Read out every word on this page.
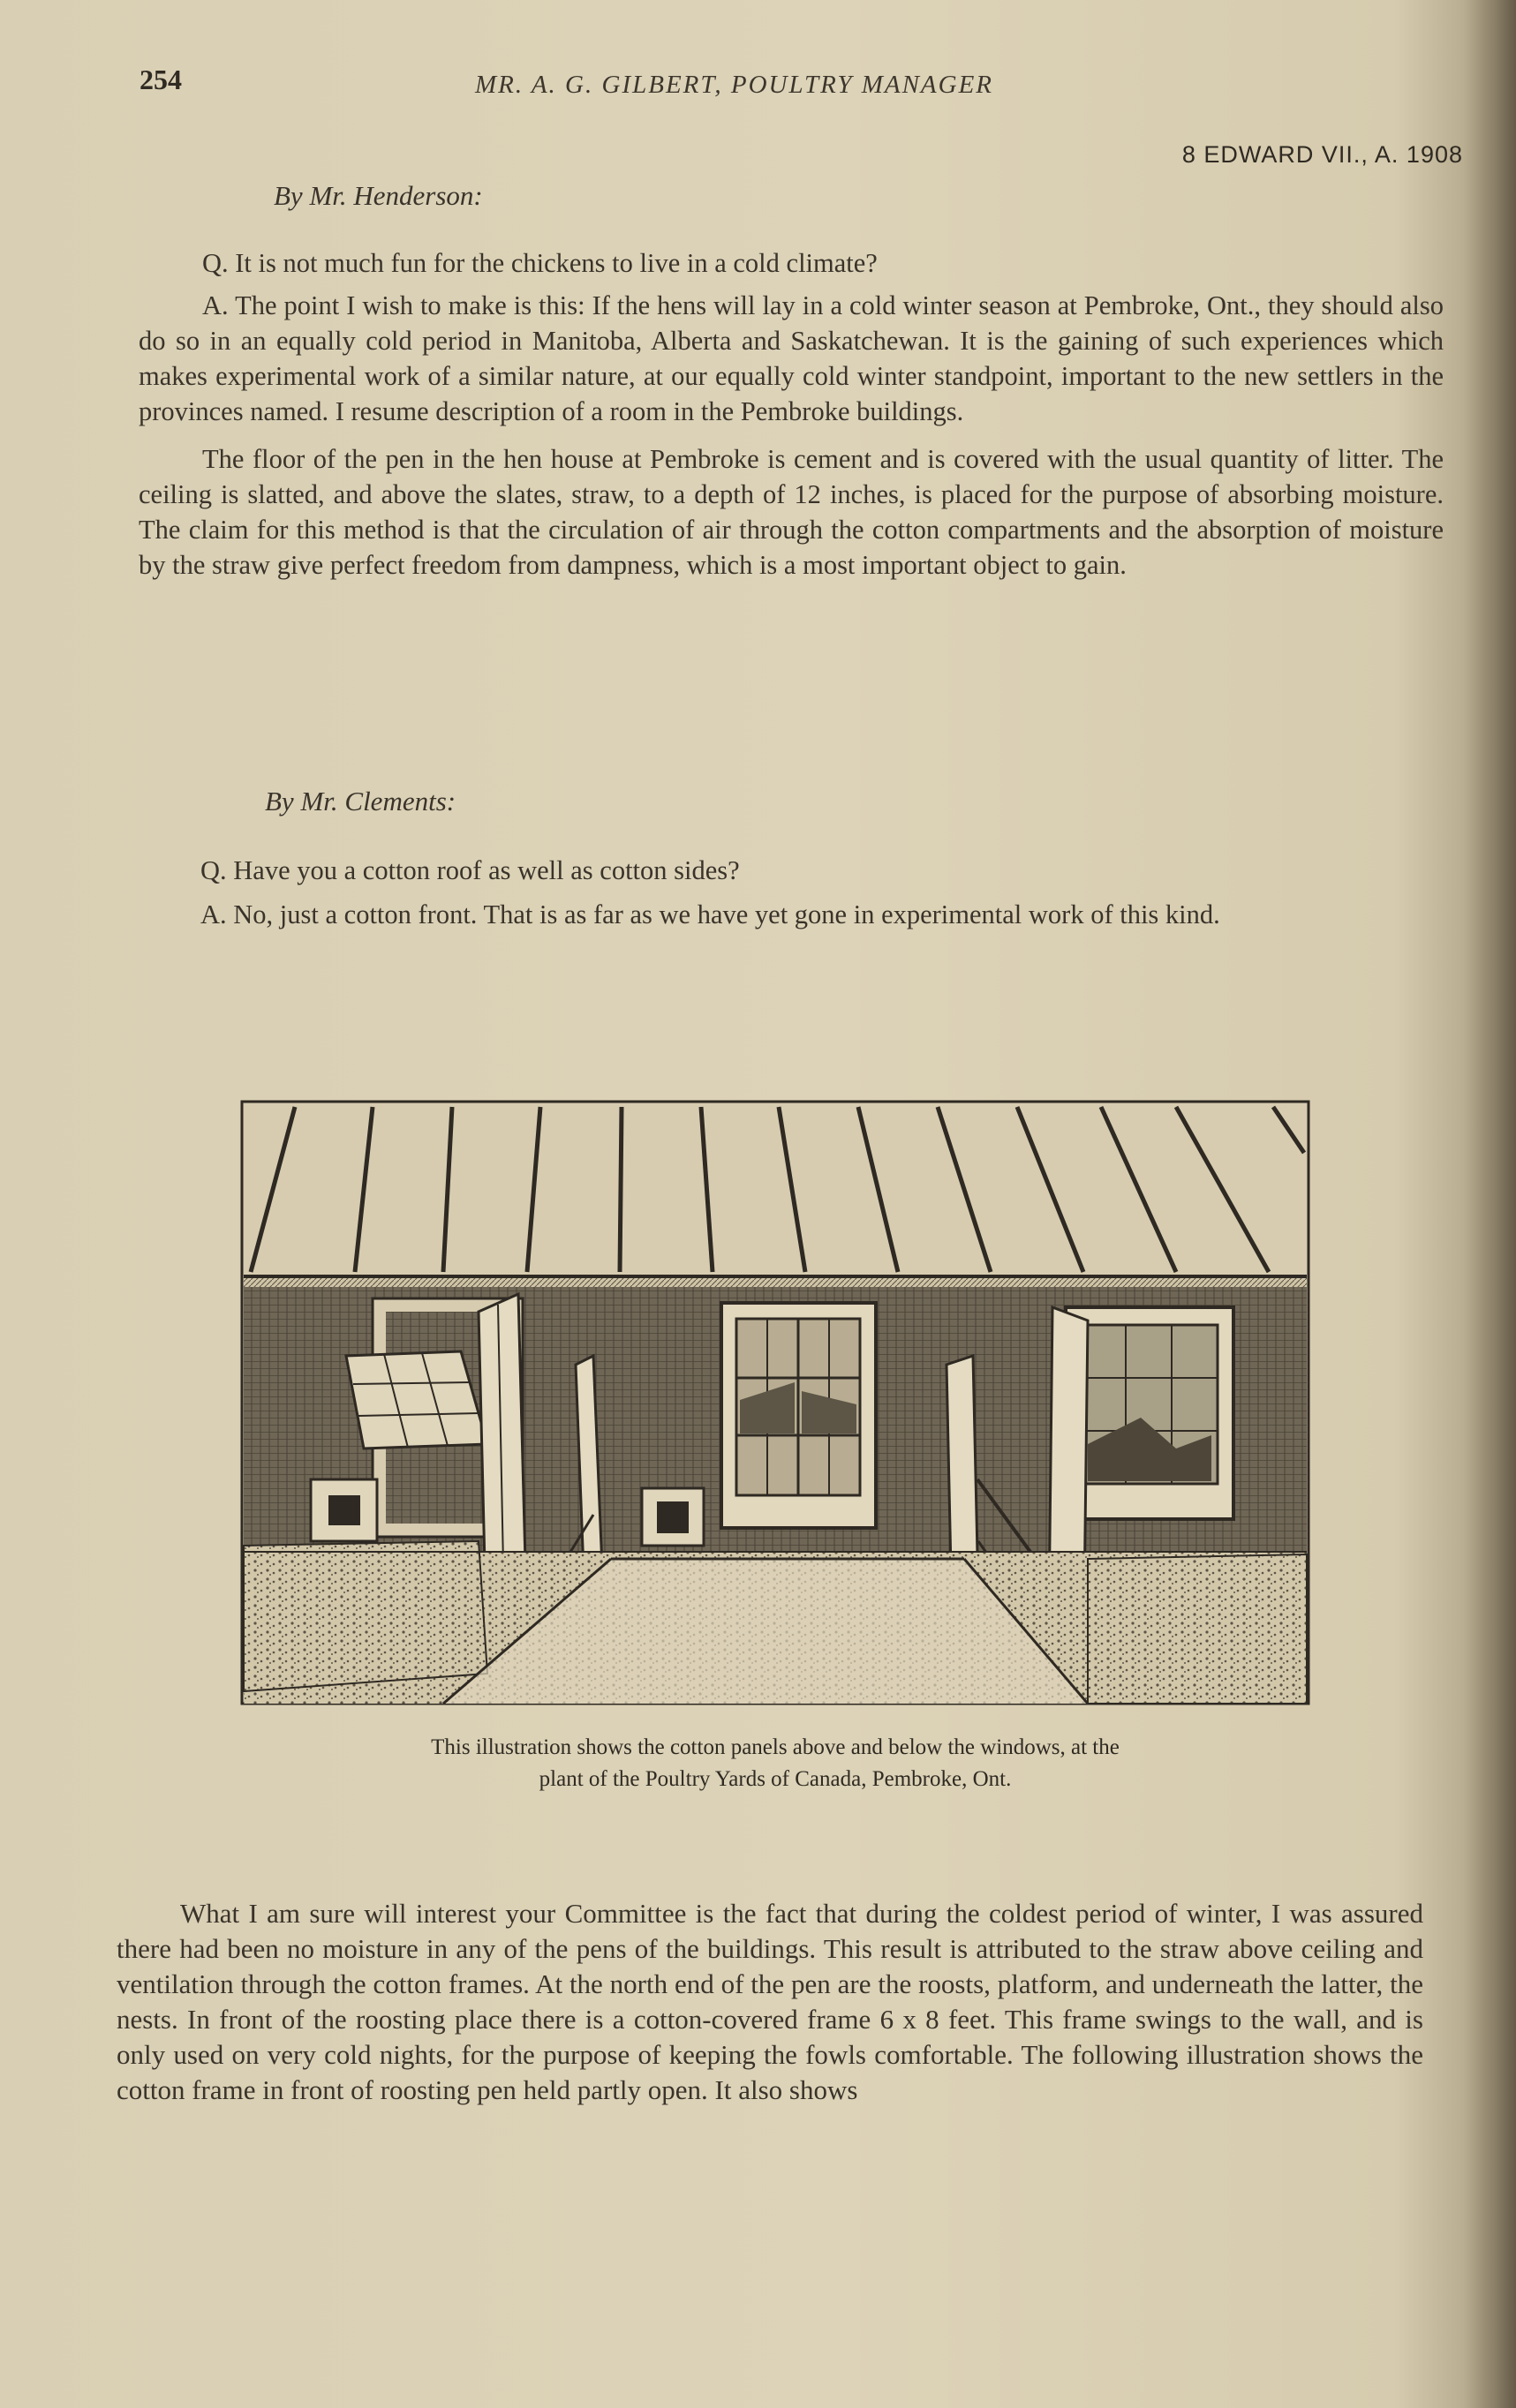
254	MR. A. G. GILBERT, POULTRY MANAGER
8 EDWARD VII., A. 1908
By Mr. Henderson:

Q. It is not much fun for the chickens to live in a cold climate?

A. The point I wish to make is this: If the hens will lay in a cold winter season at Pembroke, Ont., they should also do so in an equally cold period in Manitoba, Alberta and Saskatchewan. It is the gaining of such experiences which makes experimental work of a similar nature, at our equally cold winter standpoint, important to the new settlers in the provinces named. I resume description of a room in the Pembroke buildings.

The floor of the pen in the hen house at Pembroke is cement and is covered with the usual quantity of litter. The ceiling is slatted, and above the slates, straw, to a depth of 12 inches, is placed for the purpose of absorbing moisture. The claim for this method is that the circulation of air through the cotton compartments and the absorption of moisture by the straw give perfect freedom from dampness, which is a most important object to gain.

By Mr. Clements:

Q. Have you a cotton roof as well as cotton sides?

A. No, just a cotton front. That is as far as we have yet gone in experimental work of this kind.

This illustration shows the cotton panels above and below the windows, at the
plant of the Poultry Yards of Canada, Pembroke, Ont.

What I am sure will interest your Committee is the fact that during the coldest period of winter, I was assured there had been no moisture in any of the pens of the buildings. This result is attributed to the straw above ceiling and ventilation through the cotton frames. At the north end of the pen are the roosts, platform, and underneath the latter, the nests. In front of the roosting place there is a cotton-covered frame 6 x 8 feet. This frame swings to the wall, and is only used on very cold nights, for the purpose of keeping the fowls comfortable. The following illustration shows the cotton frame in front of roosting pen held partly open. It also shows
